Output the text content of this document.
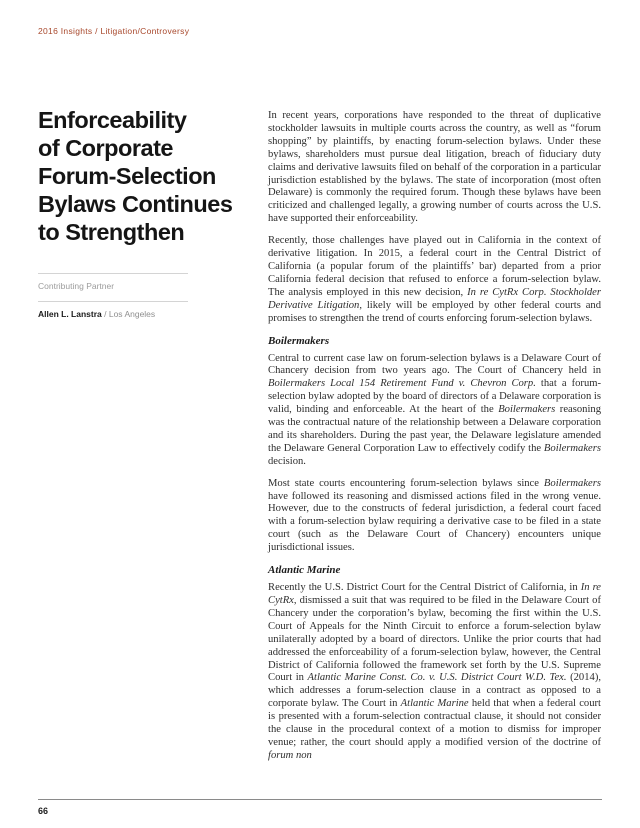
2016 Insights / Litigation/Controversy
Enforceability
of Corporate
Forum-Selection
Bylaws Continues
to Strengthen
Contributing Partner
Allen L. Lanstra / Los Angeles

In recent years, corporations have responded to the threat of duplicative stockholder lawsuits in multiple courts across the country, as well as “forum shopping” by plaintiffs, by enacting forum-selection bylaws. Under these bylaws, shareholders must pursue deal litigation, breach of fiduciary duty claims and derivative lawsuits filed on behalf of the corporation in a particular jurisdiction established by the bylaws. The state of incorporation (most often Delaware) is commonly the required forum. Though these bylaws have been criticized and challenged legally, a growing number of courts across the U.S. have supported their enforceability.

Recently, those challenges have played out in California in the context of derivative litigation. In 2015, a federal court in the Central District of California (a popular forum of the plaintiffs’ bar) departed from a prior California federal decision that refused to enforce a forum-selection bylaw. The analysis employed in this new decision, In re CytRx Corp. Stockholder Derivative Litigation, likely will be employed by other federal courts and promises to strengthen the trend of courts enforcing forum-selection bylaws.

Boilermakers

Central to current case law on forum-selection bylaws is a Delaware Court of Chancery decision from two years ago. The Court of Chancery held in Boilermakers Local 154 Retirement Fund v. Chevron Corp. that a forum-selection bylaw adopted by the board of directors of a Delaware corporation is valid, binding and enforceable. At the heart of the Boilermakers reasoning was the contractual nature of the relationship between a Delaware corporation and its shareholders. During the past year, the Delaware legislature amended the Delaware General Corporation Law to effectively codify the Boilermakers decision.

Most state courts encountering forum-selection bylaws since Boilermakers have followed its reasoning and dismissed actions filed in the wrong venue. However, due to the constructs of federal jurisdiction, a federal court faced with a forum-selection bylaw requiring a derivative case to be filed in a state court (such as the Delaware Court of Chancery) encounters unique jurisdictional issues.

Atlantic Marine

Recently the U.S. District Court for the Central District of California, in In re CytRx, dismissed a suit that was required to be filed in the Delaware Court of Chancery under the corporation’s bylaw, becoming the first within the U.S. Court of Appeals for the Ninth Circuit to enforce a forum-selection bylaw unilaterally adopted by a board of directors. Unlike the prior courts that had addressed the enforceability of a forum-selection bylaw, however, the Central District of California followed the framework set forth by the U.S. Supreme Court in Atlantic Marine Const. Co. v. U.S. District Court W.D. Tex. (2014), which addresses a forum-selection clause in a contract as opposed to a corporate bylaw. The Court in Atlantic Marine held that when a federal court is presented with a forum-selection contractual clause, it should not consider the clause in the procedural context of a motion to dismiss for improper venue; rather, the court should apply a modified version of the doctrine of forum non

66
